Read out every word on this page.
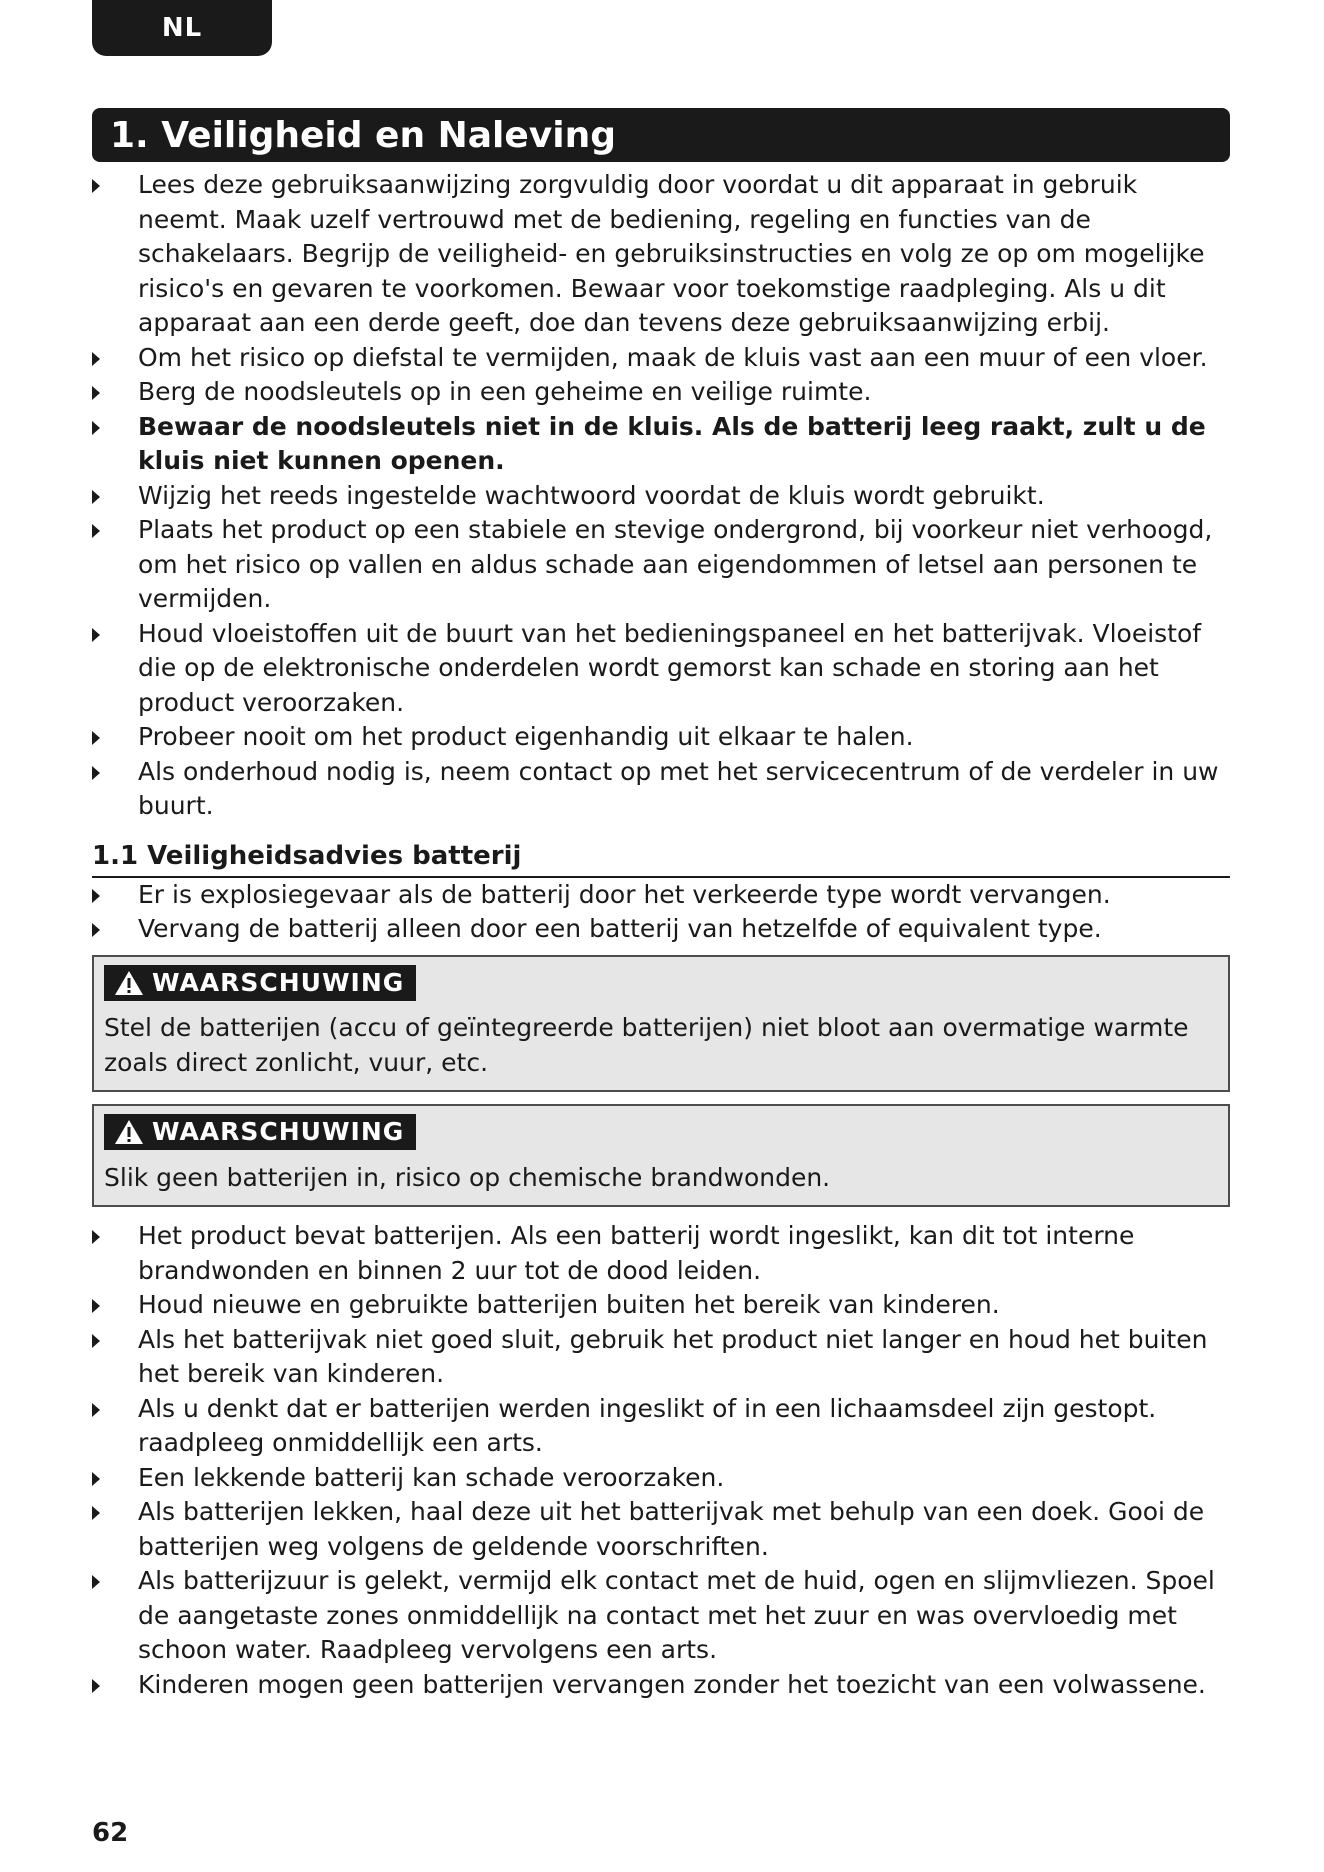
NL
1. Veiligheid en Naleving
Lees deze gebruiksaanwijzing zorgvuldig door voordat u dit apparaat in gebruik neemt. Maak uzelf vertrouwd met de bediening, regeling en functies van de schakelaars. Begrijp de veiligheid- en gebruiksinstructies en volg ze op om mogelijke risico's en gevaren te voorkomen. Bewaar voor toekomstige raadpleging. Als u dit apparaat aan een derde geeft, doe dan tevens deze gebruiksaanwijzing erbij.
Om het risico op diefstal te vermijden, maak de kluis vast aan een muur of een vloer.
Berg de noodsleutels op in een geheime en veilige ruimte.
Bewaar de noodsleutels niet in de kluis. Als de batterij leeg raakt, zult u de kluis niet kunnen openen.
Wijzig het reeds ingestelde wachtwoord voordat de kluis wordt gebruikt.
Plaats het product op een stabiele en stevige ondergrond, bij voorkeur niet verhoogd, om het risico op vallen en aldus schade aan eigendommen of letsel aan personen te vermijden.
Houd vloeistoffen uit de buurt van het bedieningspaneel en het batterijvak. Vloeistof die op de elektronische onderdelen wordt gemorst kan schade en storing aan het product veroorzaken.
Probeer nooit om het product eigenhandig uit elkaar te halen.
Als onderhoud nodig is, neem contact op met het servicecentrum of de verdeler in uw buurt.
1.1 Veiligheidsadvies batterij
Er is explosiegevaar als de batterij door het verkeerde type wordt vervangen.
Vervang de batterij alleen door een batterij van hetzelfde of equivalent type.
WAARSCHUWING
Stel de batterijen (accu of geïntegreerde batterijen) niet bloot aan overmatige warmte zoals direct zonlicht, vuur, etc.
WAARSCHUWING
Slik geen batterijen in, risico op chemische brandwonden.
Het product bevat batterijen. Als een batterij wordt ingeslikt, kan dit tot interne brandwonden en binnen 2 uur tot de dood leiden.
Houd nieuwe en gebruikte batterijen buiten het bereik van kinderen.
Als het batterijvak niet goed sluit, gebruik het product niet langer en houd het buiten het bereik van kinderen.
Als u denkt dat er batterijen werden ingeslikt of in een lichaamsdeel zijn gestopt. raadpleeg onmiddellijk een arts.
Een lekkende batterij kan schade veroorzaken.
Als batterijen lekken, haal deze uit het batterijvak met behulp van een doek. Gooi de batterijen weg volgens de geldende voorschriften.
Als batterijzuur is gelekt, vermijd elk contact met de huid, ogen en slijmvliezen. Spoel de aangetaste zones onmiddellijk na contact met het zuur en was overvloedig met schoon water. Raadpleeg vervolgens een arts.
Kinderen mogen geen batterijen vervangen zonder het toezicht van een volwassene.
62
